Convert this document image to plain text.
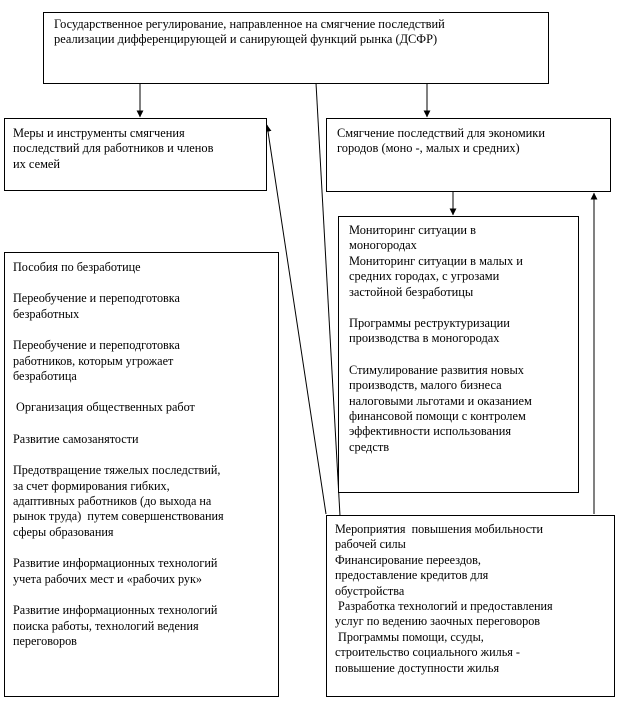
Государственное регулирование, направленное на смягчение последствий
реализации дифференцирующей и санирующей функций рынка (ДСФР)
Меры и инструменты смягчения
последствий для работников и членов
их семей
Смягчение последствий для экономики
городов (моно -, малых и средних)
Мониторинг ситуации в
моногородах
Мониторинг ситуации в малых и
средних городах, с угрозами
застойной безработицы
Программы реструктуризации
производства в моногородах
Стимулирование развития новых
производств, малого бизнеса
налоговыми льготами и оказанием
финансовой помощи с контролем
эффективности использования
средств
Пособия по безработице
Переобучение и переподготовка
безработных
Переобучение и переподготовка
работников, которым угрожает
безработица
Организация общественных работ
Развитие самозанятости
Предотвращение тяжелых последствий,
за счет формирования гибких,
адаптивных работников (до выхода на
рынок труда)  путем совершенствования
сферы образования
Развитие информационных технологий
учета рабочих мест и «рабочих рук»
Развитие информационных технологий
поиска работы, технологий ведения
переговоров
Мероприятия  повышения мобильности
рабочей силы
Финансирование переездов,
предоставление кредитов для
обустройства
Разработка технологий и предоставления
услуг по ведению заочных переговоров
Программы помощи, ссуды,
строительство социального жилья -
повышение доступности жилья
